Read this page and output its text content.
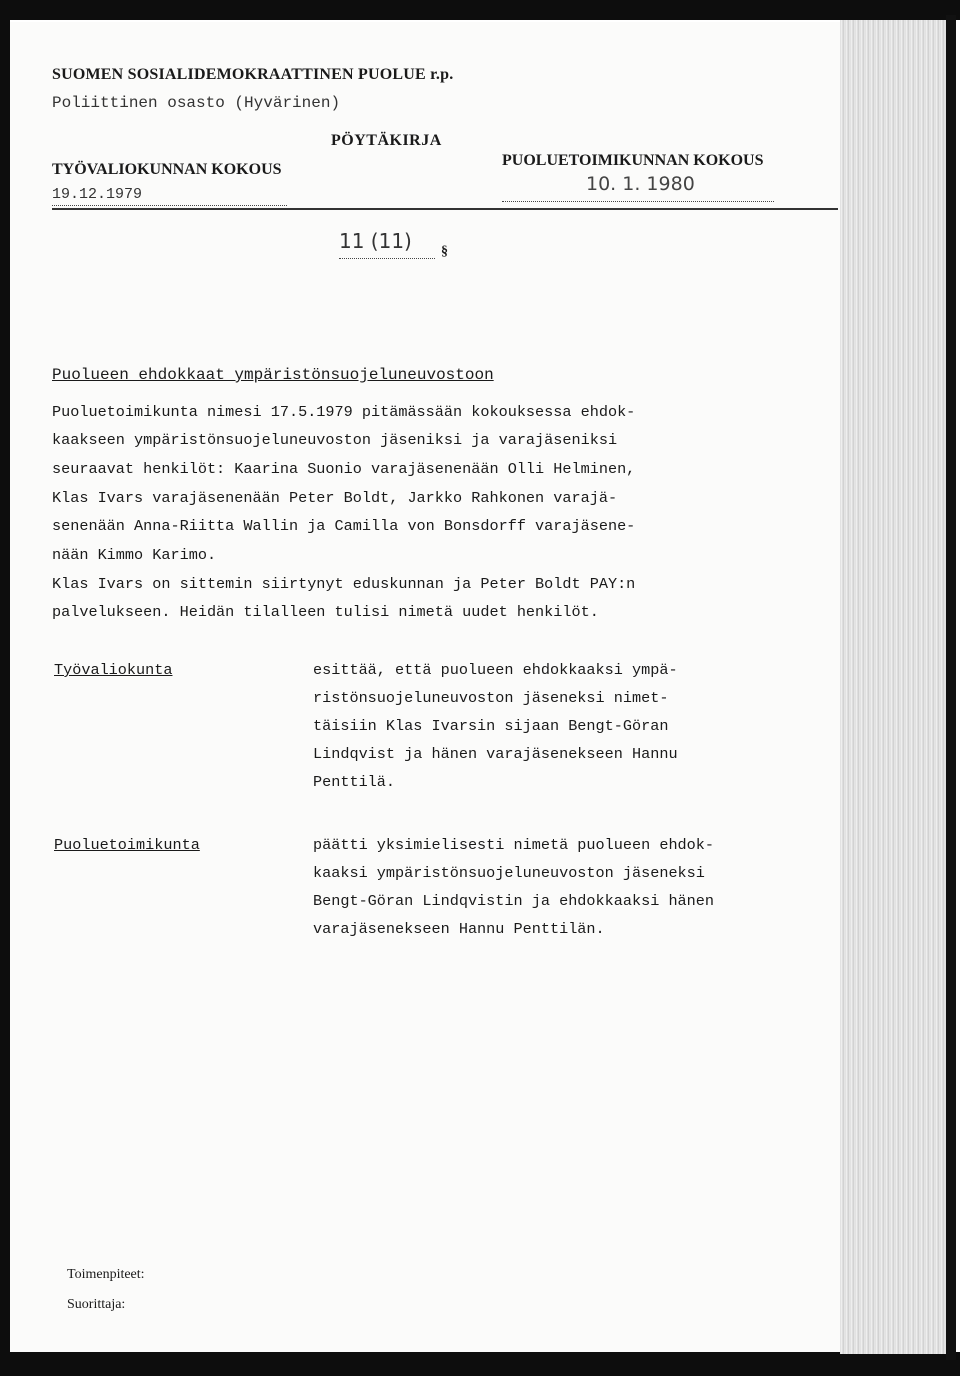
SUOMEN SOSIALIDEMOKRAATTINEN PUOLUE r.p.
Poliittinen osasto (Hyvärinen)
PÖYTÄKIRJA
TYÖVALIOKUNNAN KOKOUS
19.12.1979
PUOLUETOIMIKUNNAN KOKOUS
10. 1. 1980
11 (11) §
Puolueen ehdokkaat ympäristönsuojeluneuvostoon
Puoluetoimikunta nimesi 17.5.1979 pitämässään kokouksessa ehdok-
kaakseen ympäristönsuojeluneuvoston jäseniksi ja varajäseniksi
seuraavat henkilöt: Kaarina Suonio varajäsenenään Olli Helminen,
Klas Ivars varajäsenenään Peter Boldt, Jarkko Rahkonen varajä-
senenään Anna-Riitta Wallin ja Camilla von Bonsdorff varajäsene-
nään Kimmo Karimo.
Klas Ivars on sittemin siirtynyt eduskunnan ja Peter Boldt PAY:n
palvelukseen. Heidän tilalleen tulisi nimetä uudet henkilöt.
Työvaliokunta	esittää, että puolueen ehdokkaaksi ympä-
ristönsuojeluneuvoston jäseneksi nimet-
täisiin Klas Ivarsin sijaan Bengt-Göran
Lindqvist ja hänen varajäsenekseen Hannu
Penttilä.
Puoluetoimikunta	päätti yksimielisesti nimetä puolueen ehdok-
kaaksi ympäristönsuojeluneuvoston jäseneksi
Bengt-Göran Lindqvistin ja ehdokkaaksi hänen
varajäsenekseen Hannu Penttilän.
Toimenpiteet:
Suorittaja:
